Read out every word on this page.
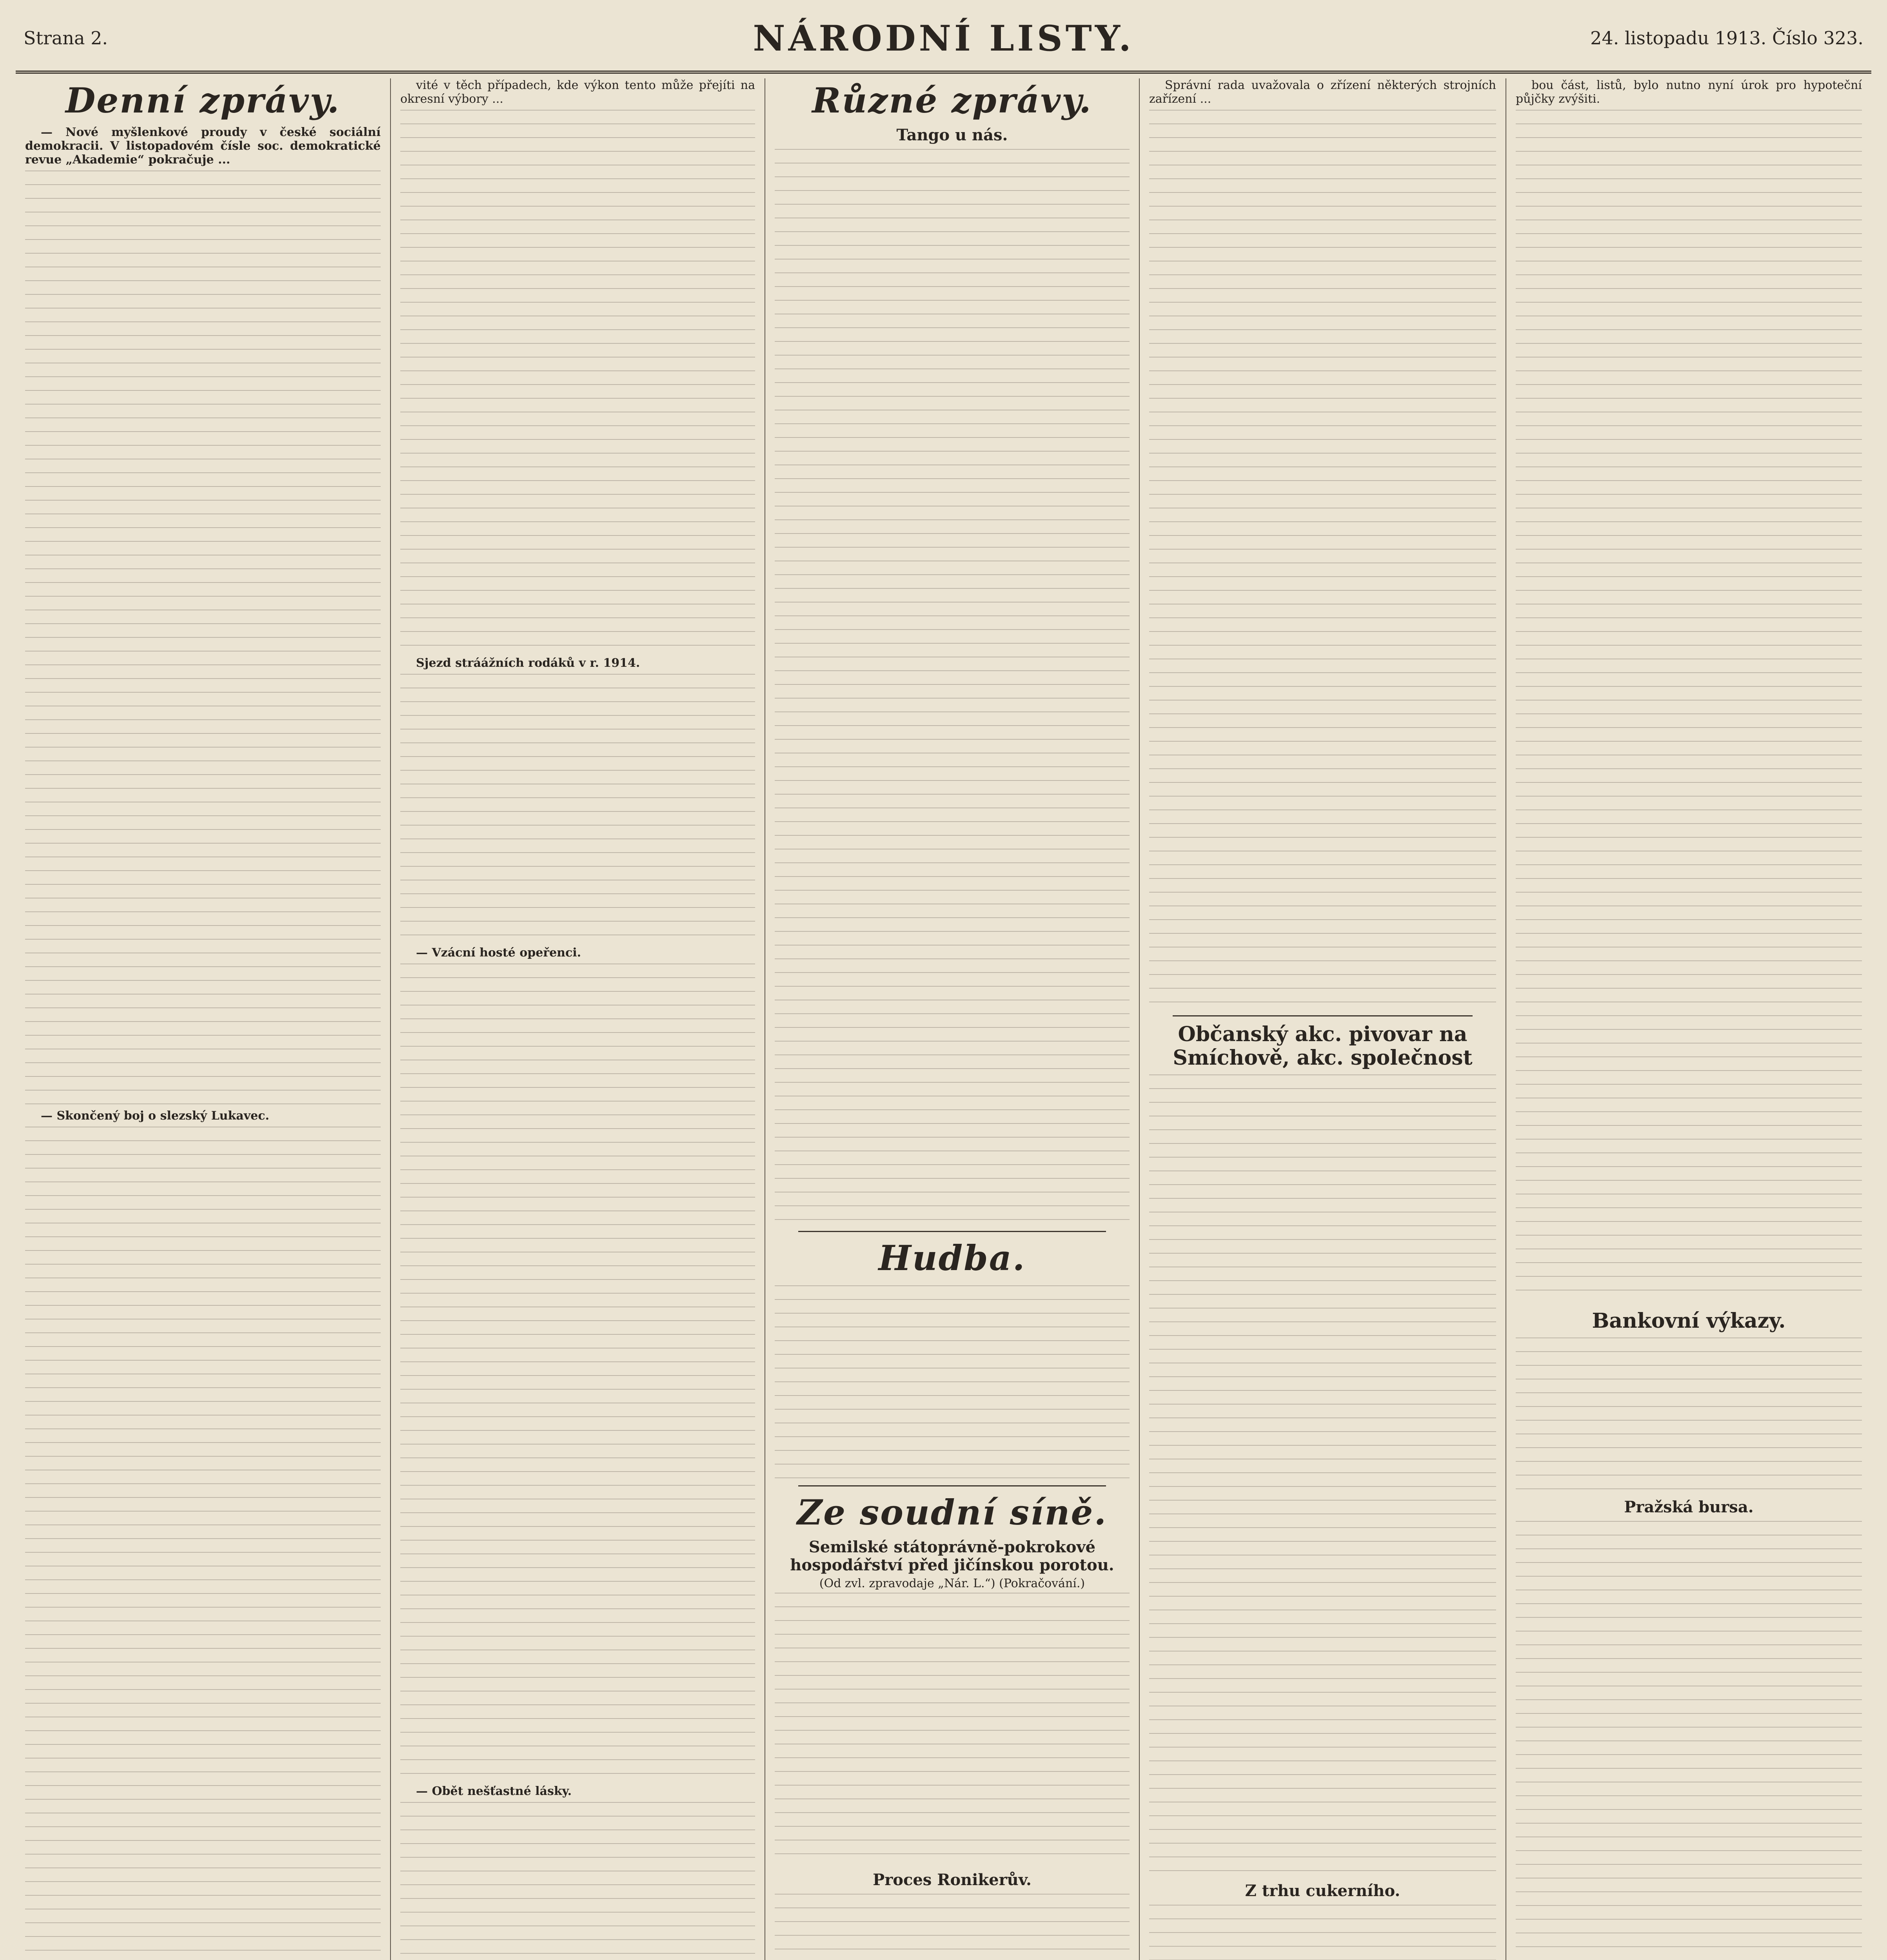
Strana 2.	NÁRODNÍ LISTY.	24. listopadu 1913. Číslo 323.
Denní zprávy.

— Nové myšlenkové proudy v české sociální demokracii. V listopadovém čísle soc. demokratické revue „Akademie“ pokračuje ...

— Skončený boj o slezský Lukavec.

vité v těch případech, kde výkon tento může přejíti na okresní výbory ...

Sjezd stráážních rodáků v r. 1914.

— Vzácní hosté opeřenci.

— Obět nešťastné lásky.

Různé zprávy.
Tango u nás.
Hudba.
Ze soudní síně.
Semilské státoprávně-pokrokové hospodářství před jičínskou porotou.
(Od zvl. zpravodaje „Nár. L.“) (Pokračování.)
Proces Ronikerův.

Správní rada uvažovala o zřízení některých strojních zařízení ...

Občanský akc. pivovar na Smíchově, akc. společnost
Z trhu cukerního.

bou část, listů, bylo nutno nyní úrok pro hypoteční půjčky zvýšiti.

Bankovní výkazy.
Pražská bursa.
